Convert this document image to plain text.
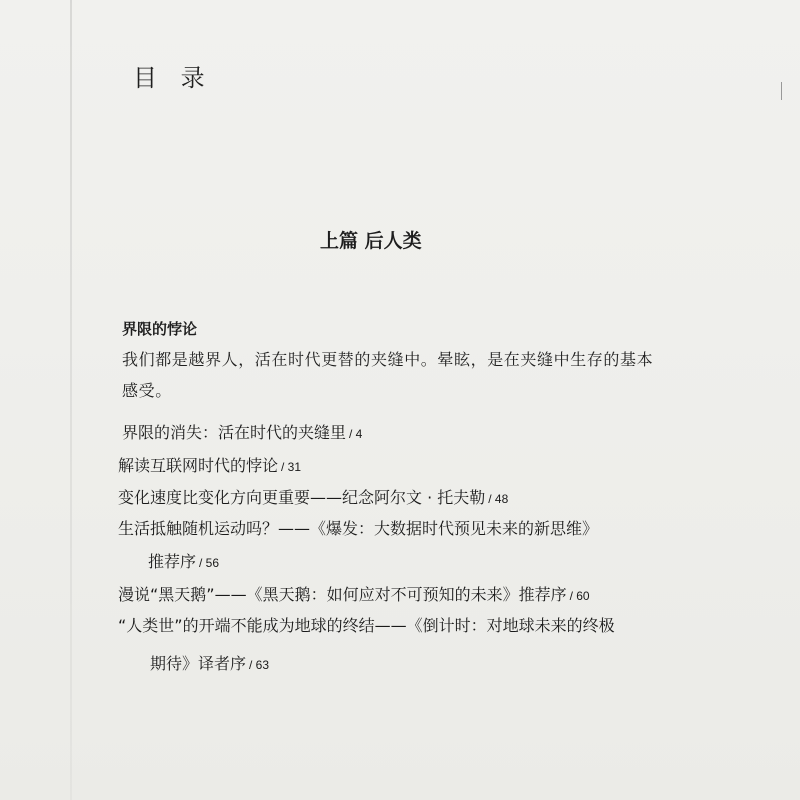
目 录
上篇 后人类
界限的悖论
我们都是越界人，活在时代更替的夹缝中。晕眩，是在夹缝中生存的基本感受。
界限的消失：活在时代的夹缝里 / 4
解读互联网时代的悖论 / 31
变化速度比变化方向更重要——纪念阿尔文 · 托夫勒 / 48
生活抵触随机运动吗？——《爆发：大数据时代预见未来的新思维》
推荐序 / 56
漫说“黑天鹅”——《黑天鹅：如何应对不可预知的未来》推荐序 / 60
“人类世”的开端不能成为地球的终结——《倒计时：对地球未来的终极
期待》译者序 / 63
